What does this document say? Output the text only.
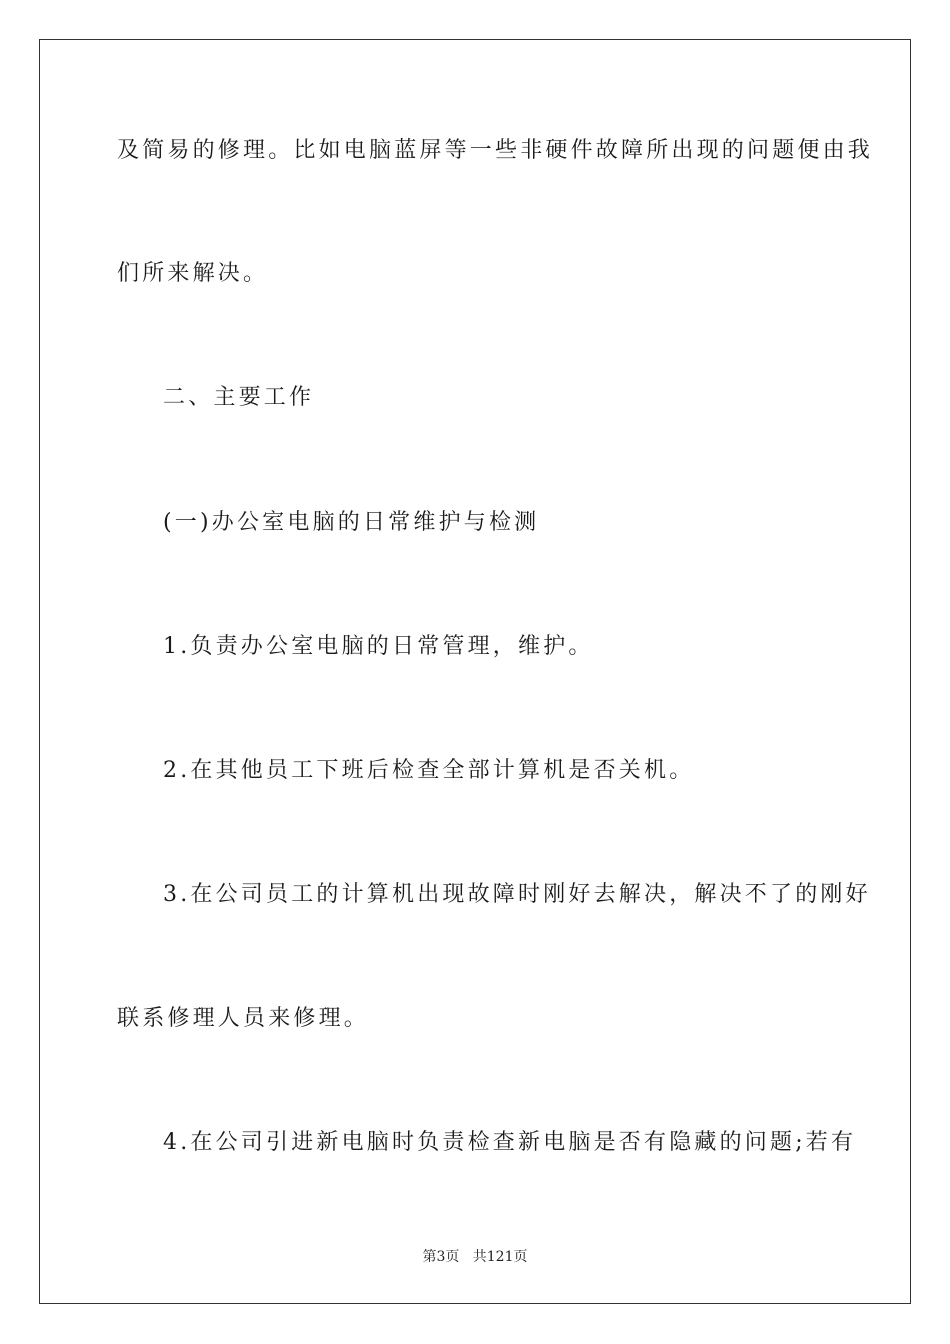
及简易的修理。比如电脑蓝屏等一些非硬件故障所出现的问题便由我
们所来解决。
二、主要工作
(一)办公室电脑的日常维护与检测
1.负责办公室电脑的日常管理，维护。
2.在其他员工下班后检查全部计算机是否关机。
3.在公司员工的计算机出现故障时刚好去解决，解决不了的刚好
联系修理人员来修理。
4.在公司引进新电脑时负责检查新电脑是否有隐藏的问题;若有
第3页 共121页
